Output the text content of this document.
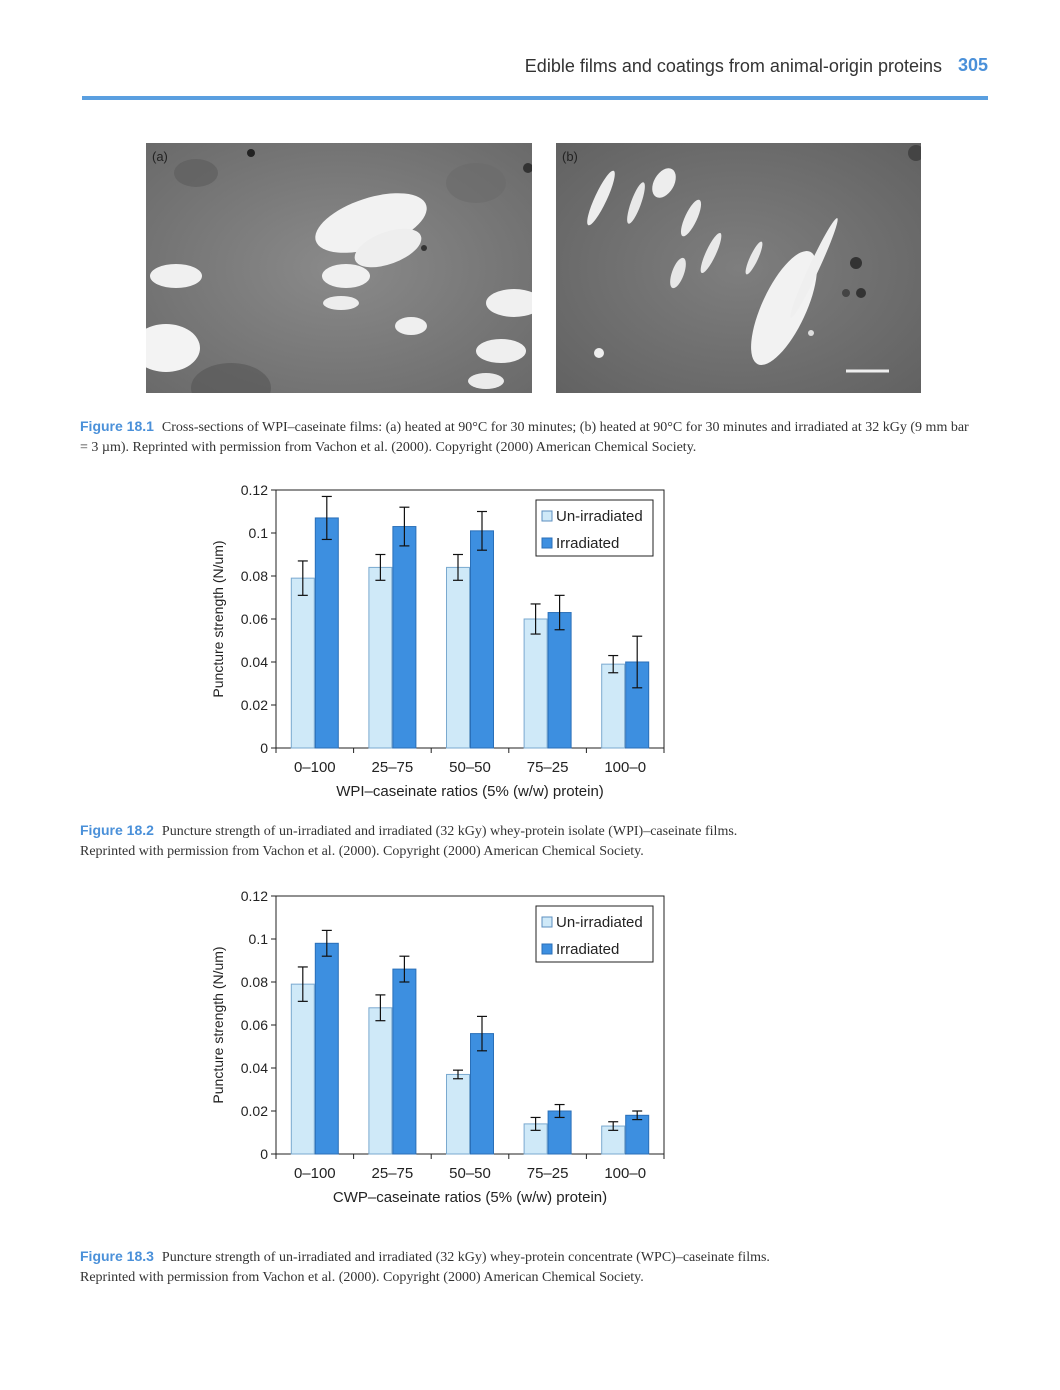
Edible films and coatings from animal-origin proteins 305
(a)	(b)
Figure 18.1 Cross-sections of WPI–caseinate films: (a) heated at 90°C for 30 minutes; (b) heated at 90°C for 30 minutes and irradiated at 32 kGy (9 mm bar = 3 µm). Reprinted with permission from Vachon et al. (2000). Copyright (2000) American Chemical Society.
0
0.02
0.04
0.06
0.08
0.1
0.12
Puncture strength (N/um)
0–100 25–75 50–50 75–25 100–0
WPI–caseinate ratios (5% (w/w) protein)
Un-irradiated
Irradiated
Figure 18.2 Puncture strength of un-irradiated and irradiated (32 kGy) whey-protein isolate (WPI)–caseinate films. Reprinted with permission from Vachon et al. (2000). Copyright (2000) American Chemical Society.
0
0.02
0.04
0.06
0.08
0.1
0.12
Puncture strength (N/um)
0–100 25–75 50–50 75–25 100–0
CWP–caseinate ratios (5% (w/w) protein)
Un-irradiated
Irradiated
Figure 18.3 Puncture strength of un-irradiated and irradiated (32 kGy) whey-protein concentrate (WPC)–caseinate films. Reprinted with permission from Vachon et al. (2000). Copyright (2000) American Chemical Society.
